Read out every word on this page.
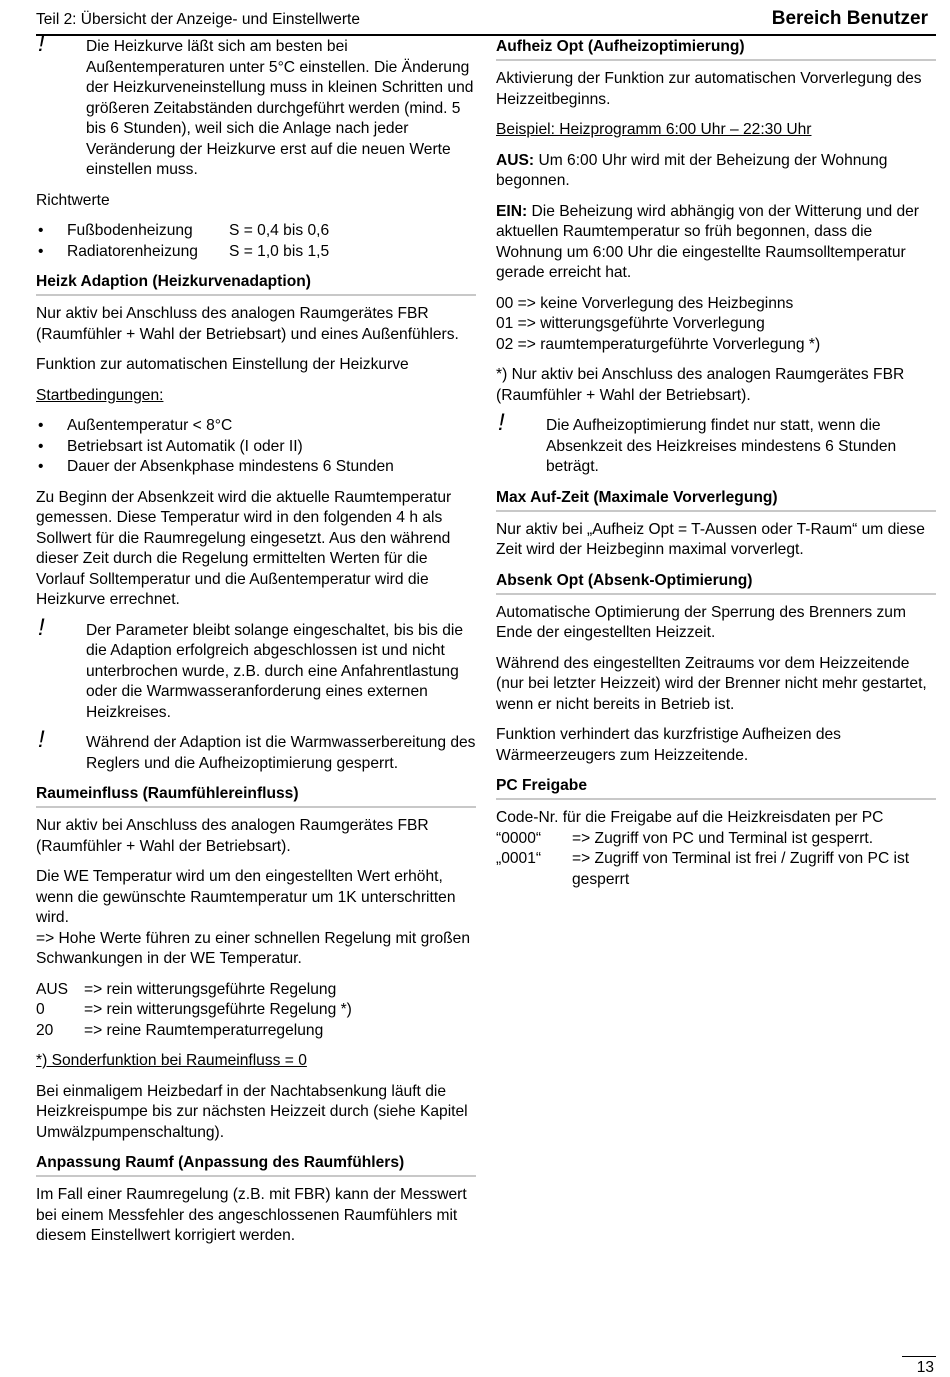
Teil 2: Übersicht der Anzeige- und Einstellwerte	Bereich Benutzer
!	Die Heizkurve läßt sich am besten bei Außentemperaturen unter 5°C einstellen. Die Änderung der Heizkurveneinstellung muss in kleinen Schritten und größeren Zeitabständen durchgeführt werden (mind. 5 bis 6 Stunden), weil sich die Anlage nach jeder Veränderung der Heizkurve erst auf die neuen Werte einstellen muss.

Richtwerte

• Fußbodenheizung S = 0,4 bis 0,6
• Radiatorenheizung S = 1,0 bis 1,5
Heizk Adaption (Heizkurvenadaption)

Nur aktiv bei Anschluss des analogen Raumgerätes FBR (Raumfühler + Wahl der Betriebsart) und eines Außenfühlers.

Funktion zur automatischen Einstellung der Heizkurve

Startbedingungen:

• Außentemperatur < 8°C
• Betriebsart ist Automatik (I oder II)
• Dauer der Absenkphase mindestens 6 Stunden

Zu Beginn der Absenkzeit wird die aktuelle Raumtemperatur gemessen. Diese Temperatur wird in den folgenden 4 h als Sollwert für die Raumregelung eingesetzt. Aus den während dieser Zeit durch die Regelung ermittelten Werten für die Vorlauf Solltemperatur und die Außentemperatur wird die Heizkurve errechnet.

!	Der Parameter bleibt solange eingeschaltet, bis bis die die Adaption erfolgreich abgeschlossen ist und nicht unterbrochen wurde, z.B. durch eine Anfahrentlastung oder die Warmwasseranforderung eines externen Heizkreises.
!	Während der Adaption ist die Warmwasserbereitung des Reglers und die Aufheizoptimierung gesperrt.
Raumeinfluss (Raumfühlereinfluss)

Nur aktiv bei Anschluss des analogen Raumgerätes FBR (Raumfühler + Wahl der Betriebsart).

Die WE Temperatur wird um den eingestellten Wert erhöht, wenn die gewünschte Raumtemperatur um 1K unterschritten wird.
=> Hohe Werte führen zu einer schnellen Regelung mit großen Schwankungen in der WE Temperatur.

AUS => rein witterungsgeführte Regelung
0	=> rein witterungsgeführte Regelung *)
20 => reine Raumtemperaturregelung

*) Sonderfunktion bei Raumeinfluss = 0

Bei einmaligem Heizbedarf in der Nachtabsenkung läuft die Heizkreispumpe bis zur nächsten Heizzeit durch (siehe Kapitel Umwälzpumpenschaltung).

Anpassung Raumf (Anpassung des Raumfühlers)

Im Fall einer Raumregelung (z.B. mit FBR) kann der Messwert bei einem Messfehler des angeschlossenen Raumfühlers mit diesem Einstellwert korrigiert werden.

Aufheiz Opt (Aufheizoptimierung)

Aktivierung der Funktion zur automatischen Vorverlegung des Heizzeitbeginns.

Beispiel: Heizprogramm 6:00 Uhr – 22:30 Uhr

AUS: Um 6:00 Uhr wird mit der Beheizung der Wohnung begonnen.

EIN: Die Beheizung wird abhängig von der Witterung und der aktuellen Raumtemperatur so früh begonnen, dass die Wohnung um 6:00 Uhr die eingestellte Raumsolltemperatur gerade erreicht hat.

00 => keine Vorverlegung des Heizbeginns
01 => witterungsgeführte Vorverlegung
02 => raumtemperaturgeführte Vorverlegung *)

*) Nur aktiv bei Anschluss des analogen Raumgerätes FBR (Raumfühler + Wahl der Betriebsart).

!	Die Aufheizoptimierung findet nur statt, wenn die Absenkzeit des Heizkreises mindestens 6 Stunden beträgt.
Max Auf-Zeit (Maximale Vorverlegung)

Nur aktiv bei „Aufheiz Opt = T-Aussen oder T-Raum“ um diese Zeit wird der Heizbeginn maximal vorverlegt.

Absenk Opt (Absenk-Optimierung)

Automatische Optimierung der Sperrung des Brenners zum Ende der eingestellten Heizzeit.

Während des eingestellten Zeitraums vor dem Heizzeitende (nur bei letzter Heizzeit) wird der Brenner nicht mehr gestartet, wenn er nicht bereits in Betrieb ist.

Funktion verhindert das kurzfristige Aufheizen des Wärmeerzeugers zum Heizzeitende.

PC Freigabe
Code-Nr. für die Freigabe auf die Heizkreisdaten per PC
“0000“ => Zugriff von PC und Terminal ist gesperrt.
„0001“ => Zugriff von Terminal ist frei / Zugriff von PC ist gesperrt
13
